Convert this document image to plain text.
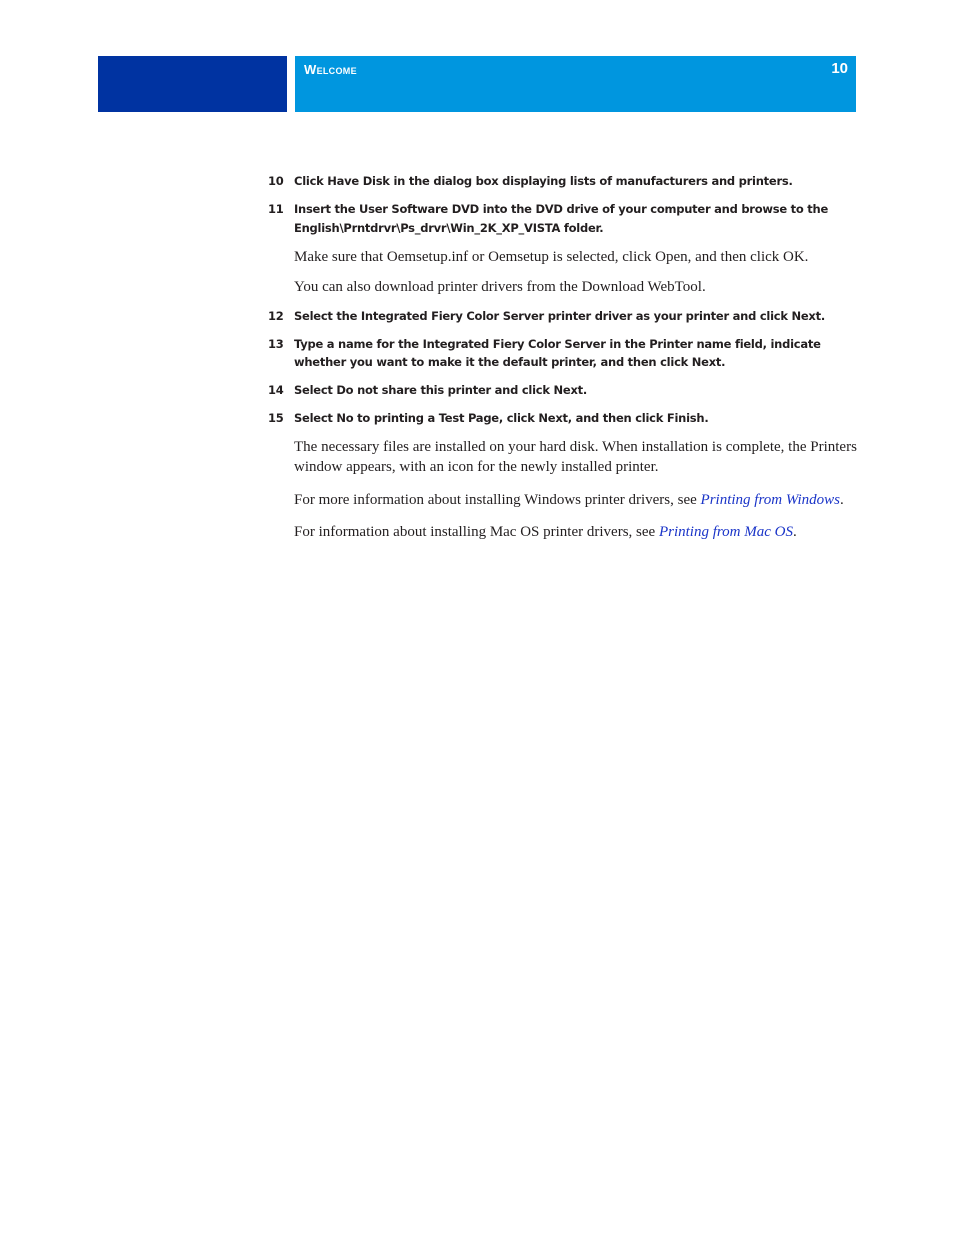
Welcome	10
10 Click Have Disk in the dialog box displaying lists of manufacturers and printers.
11 Insert the User Software DVD into the DVD drive of your computer and browse to the English\Prntdrvr\Ps_drvr\Win_2K_XP_VISTA folder.
Make sure that Oemsetup.inf or Oemsetup is selected, click Open, and then click OK.
You can also download printer drivers from the Download WebTool.
12 Select the Integrated Fiery Color Server printer driver as your printer and click Next.
13 Type a name for the Integrated Fiery Color Server in the Printer name field, indicate whether you want to make it the default printer, and then click Next.
14 Select Do not share this printer and click Next.
15 Select No to printing a Test Page, click Next, and then click Finish.
The necessary files are installed on your hard disk. When installation is complete, the Printers window appears, with an icon for the newly installed printer.
For more information about installing Windows printer drivers, see Printing from Windows.
For information about installing Mac OS printer drivers, see Printing from Mac OS.
